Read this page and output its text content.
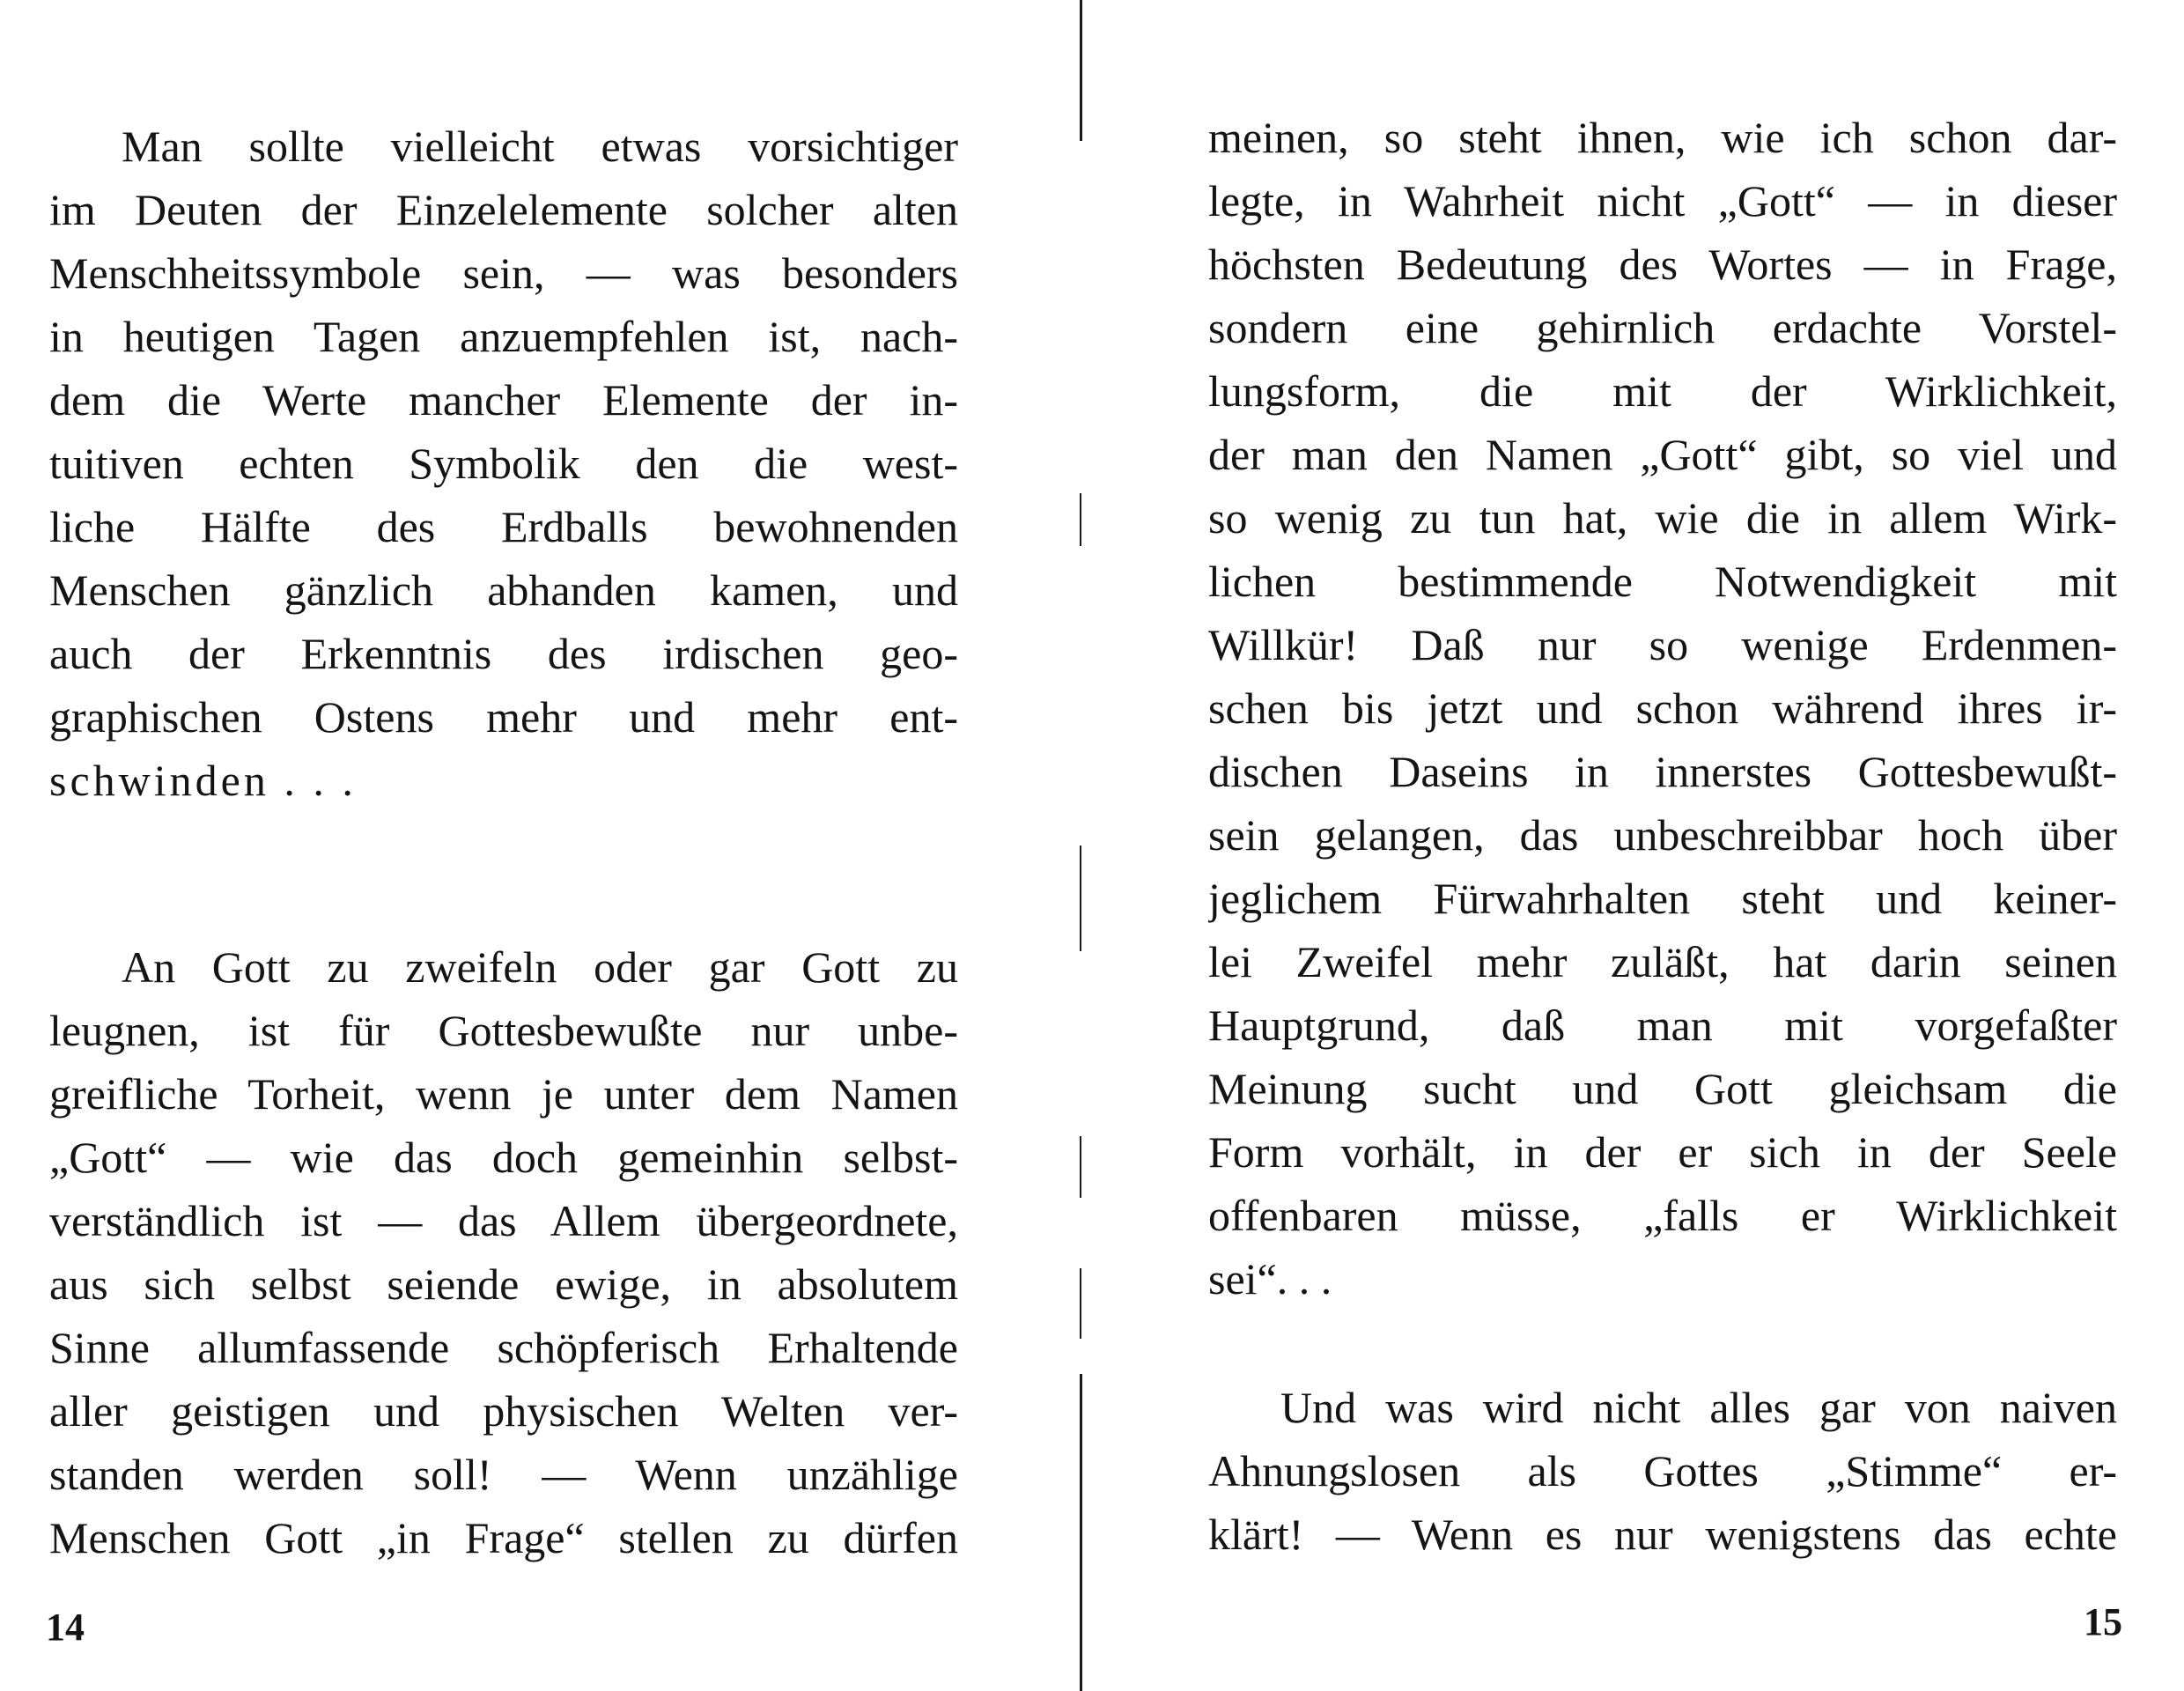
Man sollte vielleicht etwas vorsichtiger
im Deuten der Einzelelemente solcher alten
Menschheitssymbole sein, — was besonders
in heutigen Tagen anzuempfehlen ist, nach-
dem die Werte mancher Elemente der in-
tuitiven echten Symbolik den die west-
liche Hälfte des Erdballs bewohnenden
Menschen gänzlich abhanden kamen, und
auch der Erkenntnis des irdischen geo-
graphischen Ostens mehr und mehr ent-
schwinden . . .
An Gott zu zweifeln oder gar Gott zu
leugnen, ist für Gottesbewußte nur unbe-
greifliche Torheit, wenn je unter dem Namen
„Gott“ — wie das doch gemeinhin selbst-
verständlich ist — das Allem übergeordnete,
aus sich selbst seiende ewige, in absolutem
Sinne allumfassende schöpferisch Erhaltende
aller geistigen und physischen Welten ver-
standen werden soll! — Wenn unzählige
Menschen Gott „in Frage“ stellen zu dürfen
14
meinen, so steht ihnen, wie ich schon dar-
legte, in Wahrheit nicht „Gott“ — in dieser
höchsten Bedeutung des Wortes — in Frage,
sondern eine gehirnlich erdachte Vorstel-
lungsform, die mit der Wirklichkeit,
der man den Namen „Gott“ gibt, so viel und
so wenig zu tun hat, wie die in allem Wirk-
lichen bestimmende Notwendigkeit mit
Willkür! Daß nur so wenige Erdenmen-
schen bis jetzt und schon während ihres ir-
dischen Daseins in innerstes Gottesbewußt-
sein gelangen, das unbeschreibbar hoch über
jeglichem Fürwahrhalten steht und keiner-
lei Zweifel mehr zuläßt, hat darin seinen
Hauptgrund, daß man mit vorgefaßter
Meinung sucht und Gott gleichsam die
Form vorhält, in der er sich in der Seele
offenbaren müsse, „falls er Wirklichkeit
sei“. . .
Und was wird nicht alles gar von naiven
Ahnungslosen als Gottes „Stimme“ er-
klärt! — Wenn es nur wenigstens das echte
15
